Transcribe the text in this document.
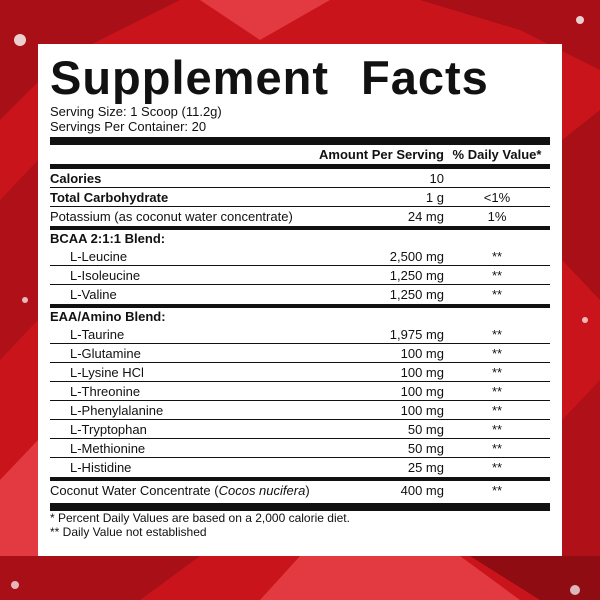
Supplement Facts
Serving Size: 1 Scoop (11.2g)
Servings Per Container: 20
Amount Per Serving % Daily Value*
Calories	10
Total Carbohydrate	1 g	<1%
Potassium (as coconut water concentrate)	24 mg	1%
BCAA 2:1:1 Blend:
L-Leucine	2,500 mg	**
L-Isoleucine	1,250 mg	**
L-Valine	1,250 mg	**
EAA/Amino Blend:
L-Taurine	1,975 mg	**
L-Glutamine	100 mg	**
L-Lysine HCl	100 mg	**
L-Threonine	100 mg	**
L-Phenylalanine	100 mg	**
L-Tryptophan	50 mg	**
L-Methionine	50 mg	**
L-Histidine	25 mg	**
Coconut Water Concentrate (Cocos nucifera)	400 mg	**
* Percent Daily Values are based on a 2,000 calorie diet.
** Daily Value not established
